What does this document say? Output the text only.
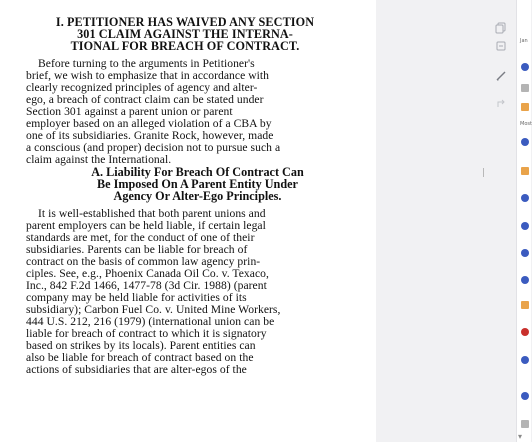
I. PETITIONER HAS WAIVED ANY SECTION
301 CLAIM AGAINST THE INTERNA-
TIONAL FOR BREACH OF CONTRACT.
Before turning to the arguments in Petitioner's
brief, we wish to emphasize that in accordance with
clearly recognized principles of agency and alter-
ego, a breach of contract claim can be stated under
Section 301 against a parent union or parent
employer based on an alleged violation of a CBA by
one of its subsidiaries. Granite Rock, however, made
a conscious (and proper) decision not to pursue such a
claim against the International.
A. Liability For Breach Of Contract Can
Be Imposed On A Parent Entity Under
Agency Or Alter-Ego Principles.
It is well-established that both parent unions and
parent employers can be held liable, if certain legal
standards are met, for the conduct of one of their
subsidiaries. Parents can be liable for breach of
contract on the basis of common law agency prin-
ciples. See, e.g., Phoenix Canada Oil Co. v. Texaco,
Inc., 842 F.2d 1466, 1477-78 (3d Cir. 1988) (parent
company may be held liable for activities of its
subsidiary); Carbon Fuel Co. v. United Mine Workers,
444 U.S. 212, 216 (1979) (international union can be
liable for breach of contract to which it is signatory
based on strikes by its locals). Parent entities can
also be liable for breach of contract based on the
actions of subsidiaries that are alter-egos of the
Jan
Most
▾
